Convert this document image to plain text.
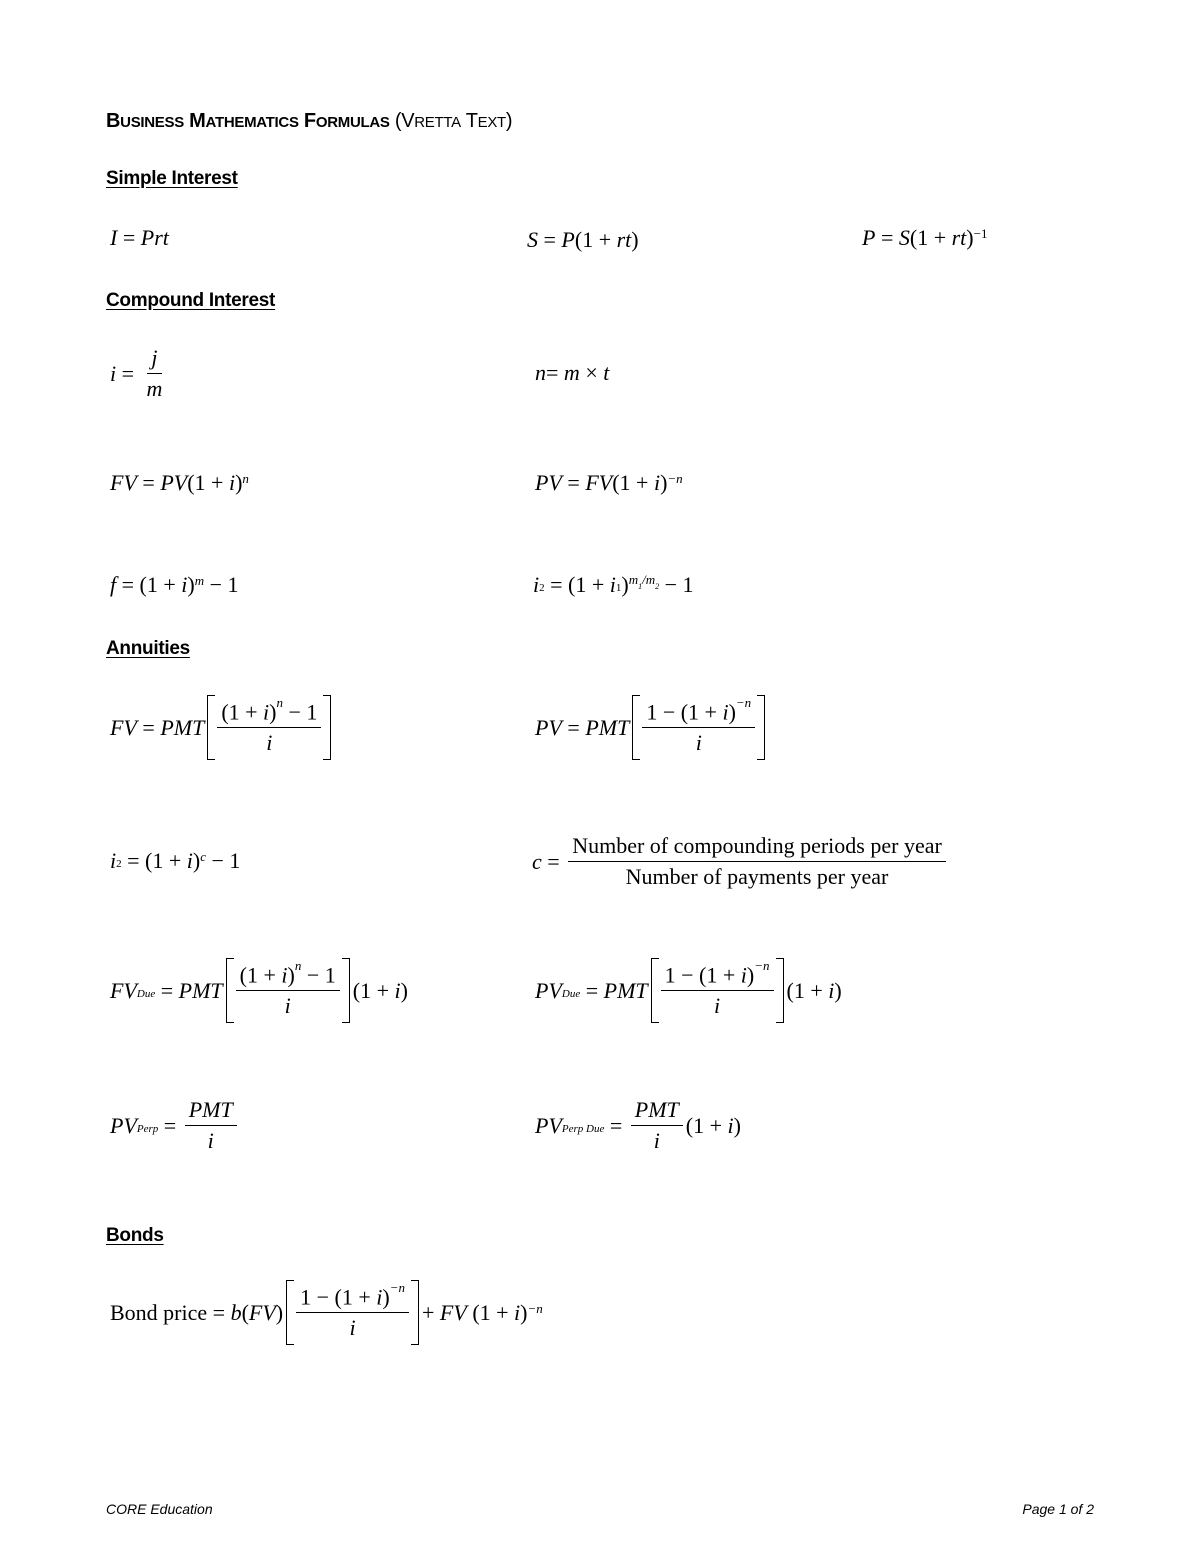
BUSINESS MATHEMATICS FORMULAS (VRETTA TEXT)
Simple Interest
I = Prt	S = P (1 + rt )	P = S (1 + rt )$^{-1}$
Compound Interest
$i = \frac{j}{m}$	n = m × t
FV = PV (1 + i )$^n$	PV = FV (1 + i )$^{-n}$
f = (1 + i )$^m$ − 1	$i_2 = (1 + i_1$ )$^{m_1/m_2}$ − 1
Annuities
FV = PMT $\frac{(1 + i)^n - 1}{i}$	PV = PMT $\frac{1 - (1 + i)^{-n}}{i}$
$i_2 = (1 + i$ )$^c$ − 1	$c = \frac{\text{Number of compounding periods per year}}{\text{Number of payments per year}}$
$FV_{Due}$ = PMT $\frac{(1 + i)^n - 1}{i} (1 + i$ )	$PV_{Due}$ = PMT $\frac{1 - (1 + i)^{-n}}{i} (1 + i$ )
$PV_{Perp} = \frac{\text{PMT}}{i}$	$PV_{Perp Due} = \frac{\text{PMT}}{i} (1 + i$ )
Bonds
Bond price = b ( FV ) $\frac{1 - (1 + i)^{-n}}{i}$ + FV (1 + i )$^{-n}$
CORE Education	Page 1 of 2
